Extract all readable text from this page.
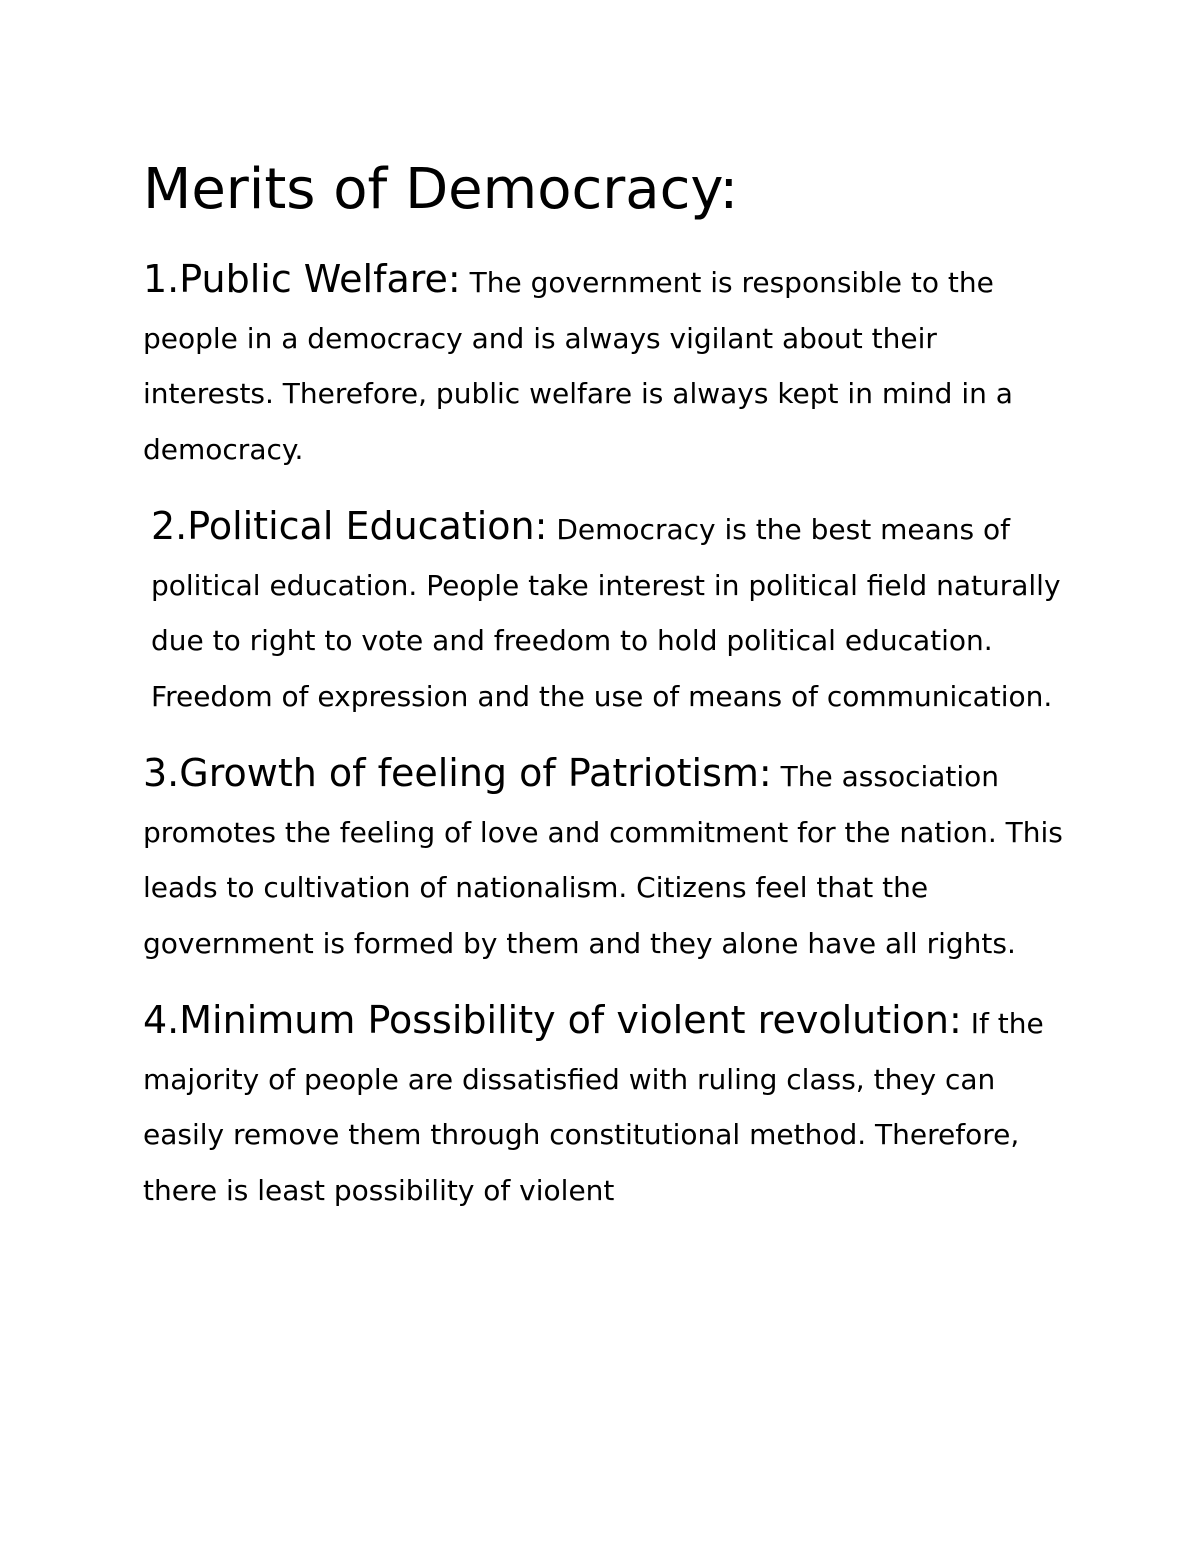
Merits of Democracy:

1.Public Welfare: The government is responsible to the people in a democracy and is always vigilant about their interests. Therefore, public welfare is always kept in mind in a democracy.

2.Political Education: Democracy is the best means of political education. People take interest in political field naturally due to right to vote and freedom to hold political education. Freedom of expression and the use of means of communication.

3.Growth of feeling of Patriotism: The association promotes the feeling of love and commitment for the nation. This leads to cultivation of nationalism. Citizens feel that the government is formed by them and they alone have all rights.

4.Minimum Possibility of violent revolution: If the majority of people are dissatisfied with ruling class, they can easily remove them through constitutional method. Therefore, there is least possibility of violent
